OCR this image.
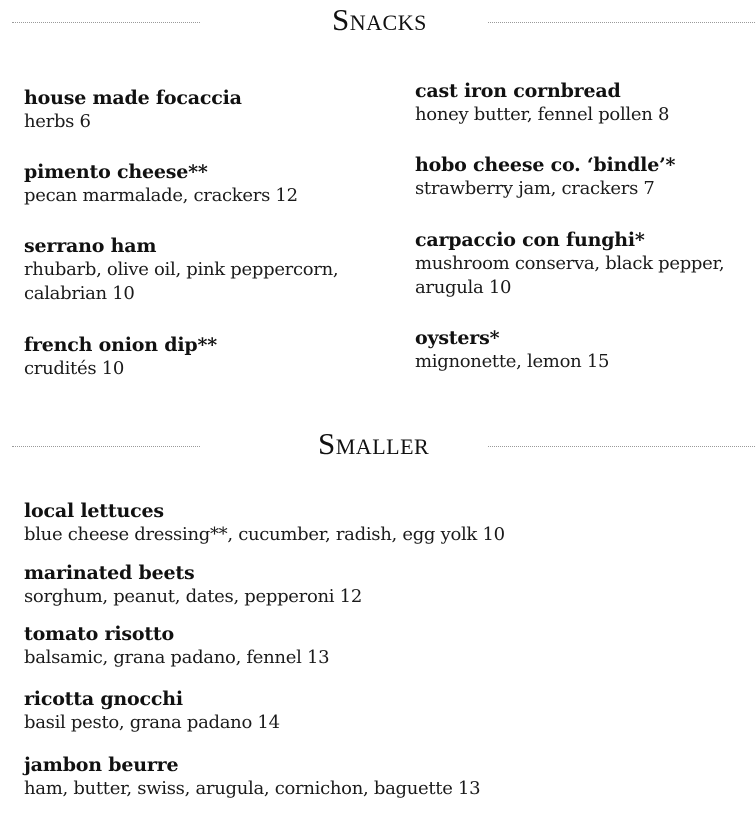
Snacks
house made focaccia
herbs 6
pimento cheese**
pecan marmalade, crackers 12
serrano ham
rhubarb, olive oil, pink peppercorn,
calabrian 10
french onion dip**
crudités 10
cast iron cornbread
honey butter, fennel pollen 8
hobo cheese co. ‘bindle’*
strawberry jam, crackers 7
carpaccio con funghi*
mushroom conserva, black pepper,
arugula 10
oysters*
mignonette, lemon 15
Smaller
local lettuces
blue cheese dressing**, cucumber, radish, egg yolk 10
marinated beets
sorghum, peanut, dates, pepperoni 12
tomato risotto
balsamic, grana padano, fennel 13
ricotta gnocchi
basil pesto, grana padano 14
jambon beurre
ham, butter, swiss, arugula, cornichon, baguette 13
